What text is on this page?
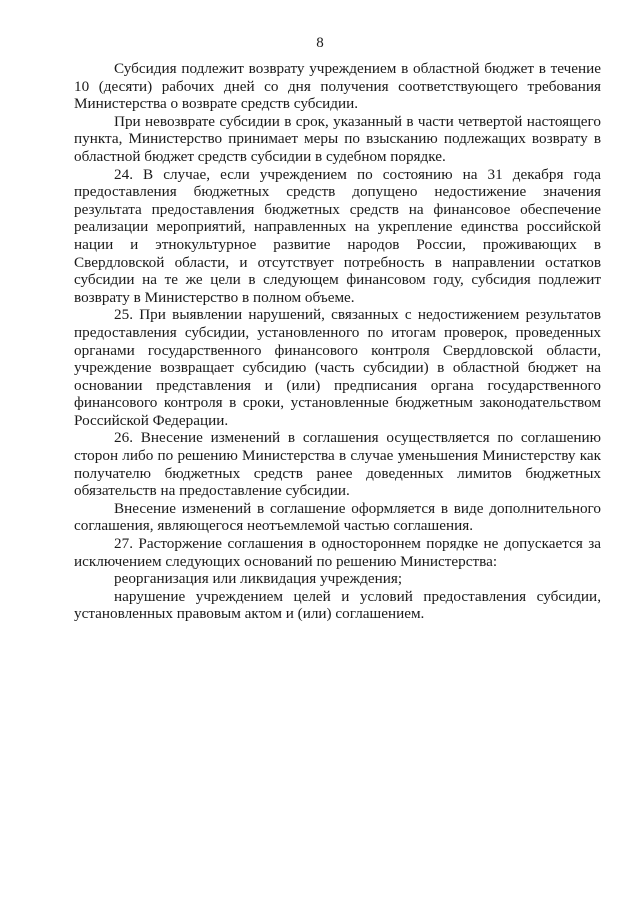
8

Субсидия подлежит возврату учреждением в областной бюджет в течение 10 (десяти) рабочих дней со дня получения соответствующего требования Министерства о возврате средств субсидии.

При невозврате субсидии в срок, указанный в части четвертой настоящего пункта, Министерство принимает меры по взысканию подлежащих возврату в областной бюджет средств субсидии в судебном порядке.

24. В случае, если учреждением по состоянию на 31 декабря года предоставления бюджетных средств допущено недостижение значения результата предоставления бюджетных средств на финансовое обеспечение реализации мероприятий, направленных на укрепление единства российской нации и этнокультурное развитие народов России, проживающих в Свердловской области, и отсутствует потребность в направлении остатков субсидии на те же цели в следующем финансовом году, субсидия подлежит возврату в Министерство в полном объеме.

25. При выявлении нарушений, связанных с недостижением результатов предоставления субсидии, установленного по итогам проверок, проведенных органами государственного финансового контроля Свердловской области, учреждение возвращает субсидию (часть субсидии) в областной бюджет на основании представления и (или) предписания органа государственного финансового контроля в сроки, установленные бюджетным законодательством Российской Федерации.

26. Внесение изменений в соглашения осуществляется по соглашению сторон либо по решению Министерства в случае уменьшения Министерству как получателю бюджетных средств ранее доведенных лимитов бюджетных обязательств на предоставление субсидии.

Внесение изменений в соглашение оформляется в виде дополнительного соглашения, являющегося неотъемлемой частью соглашения.

27. Расторжение соглашения в одностороннем порядке не допускается за исключением следующих оснований по решению Министерства:

реорганизация или ликвидация учреждения;

нарушение учреждением целей и условий предоставления субсидии, установленных правовым актом и (или) соглашением.
